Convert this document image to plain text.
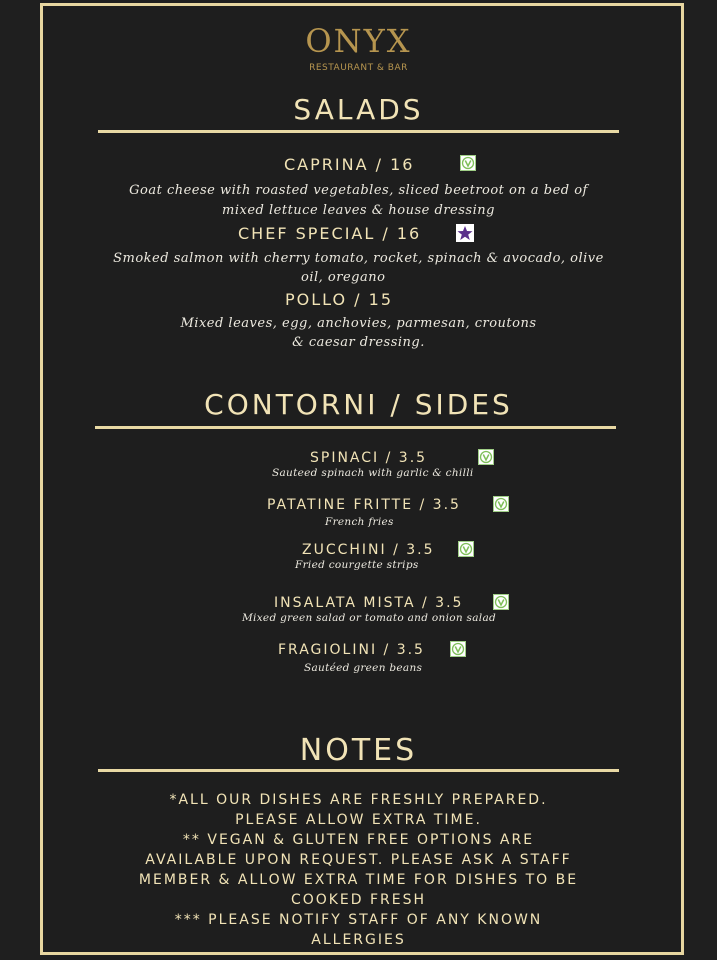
ONYX
RESTAURANT & BAR
SALADS
CAPRINA / 16
Goat cheese with roasted vegetables, sliced beetroot on a bed of
mixed lettuce leaves & house dressing
CHEF SPECIAL / 16
Smoked salmon with cherry tomato, rocket, spinach & avocado, olive
oil, oregano
POLLO / 15
Mixed leaves, egg, anchovies, parmesan, croutons
& caesar dressing.
CONTORNI / SIDES
SPINACI / 3.5
Sauteed spinach with garlic & chilli
PATATINE FRITTE / 3.5
French fries
ZUCCHINI / 3.5
Fried courgette strips
INSALATA MISTA / 3.5
Mixed green salad or tomato and onion salad
FRAGIOLINI / 3.5
Sautéed green beans
NOTES
*ALL OUR DISHES ARE FRESHLY PREPARED.
PLEASE ALLOW EXTRA TIME.
** VEGAN & GLUTEN FREE OPTIONS ARE
AVAILABLE UPON REQUEST. PLEASE ASK A STAFF
MEMBER & ALLOW EXTRA TIME FOR DISHES TO BE
COOKED FRESH
*** PLEASE NOTIFY STAFF OF ANY KNOWN
ALLERGIES
